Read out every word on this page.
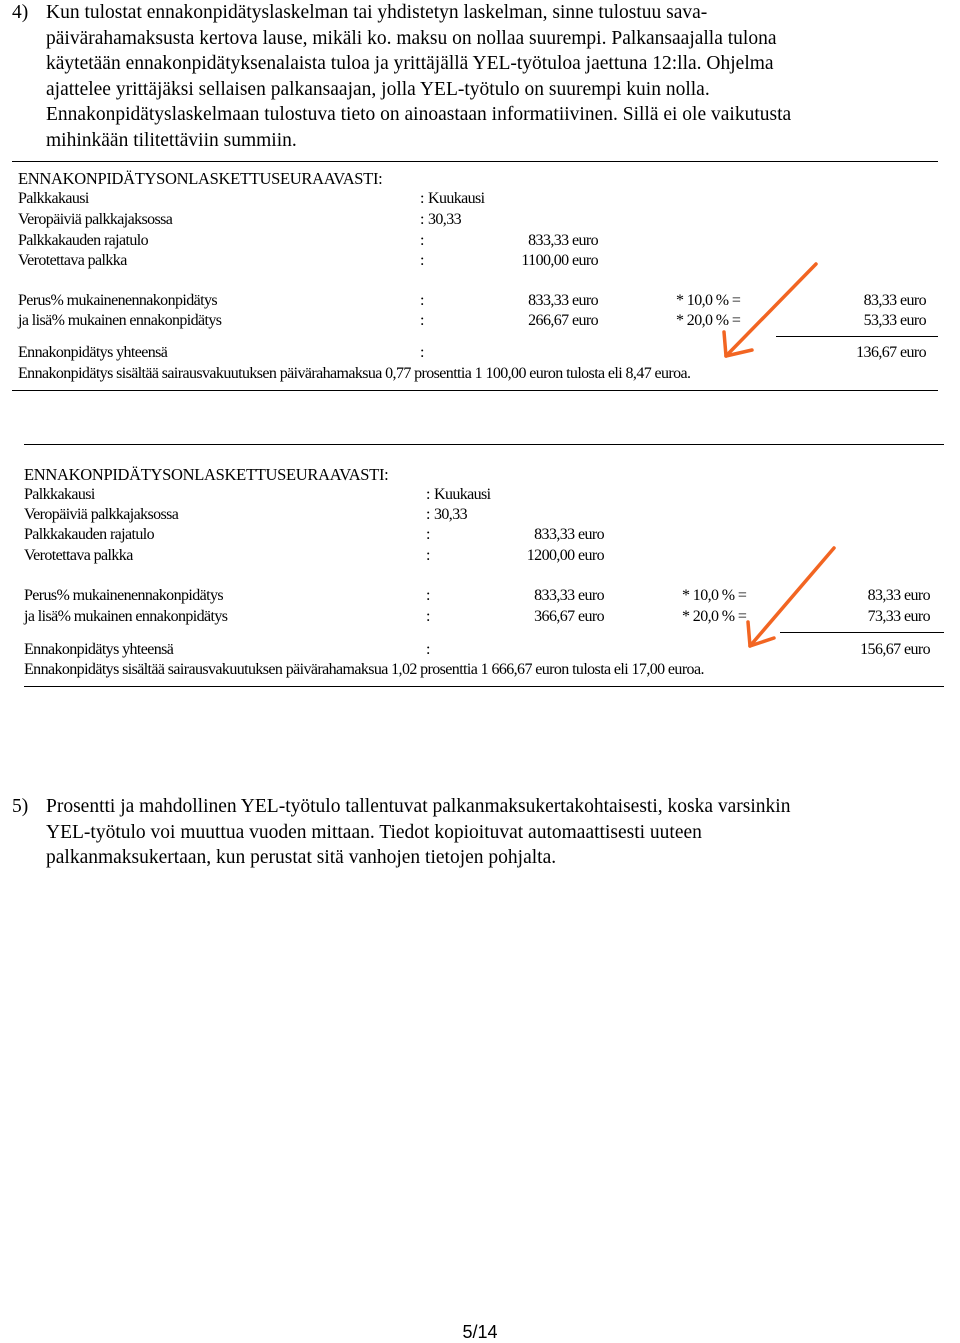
4) Kun tulostat ennakonpidätyslaskelman tai yhdistetyn laskelman, sinne tulostuu sava-
päivärahamaksusta kertova lause, mikäli ko. maksu on nollaa suurempi. Palkansaajalla tulona
käytetään ennakonpidätyksenalaista tuloa ja yrittäjällä YEL-työtuloa jaettuna 12:lla. Ohjelma
ajattelee yrittäjäksi sellaisen palkansaajan, jolla YEL-työtulo on suurempi kuin nolla.
Ennakonpidätyslaskelmaan tulostuva tieto on ainoastaan informatiivinen. Sillä ei ole vaikutusta
mihinkään tilitettäviin summiin.
ENNAKONPIDÄTYSONLASKETTUSEURAAVASTI:
Palkkakausi	: Kuukausi
Veropäiviä palkkajaksossa	: 30,33
Palkkakauden rajatulo	:	833,33 euro
Verotettava palkka	:	1100,00 euro
Perus% mukainenennakonpidätys	:	833,33 euro	* 10,0 % =	83,33 euro
ja lisä% mukainen ennakonpidätys	:	266,67 euro	* 20,0 % =	53,33 euro
Ennakonpidätys yhteensä	:	136,67 euro
Ennakonpidätys sisältää sairausvakuutuksen päivärahamaksua 0,77 prosenttia 1 100,00 euron tulosta eli 8,47 euroa.
ENNAKONPIDÄTYSONLASKETTUSEURAAVASTI:
Palkkakausi	: Kuukausi
Veropäiviä palkkajaksossa	: 30,33
Palkkakauden rajatulo	:	833,33 euro
Verotettava palkka	:	1200,00 euro
Perus% mukainenennakonpidätys	:	833,33 euro	* 10,0 % =	83,33 euro
ja lisä% mukainen ennakonpidätys	:	366,67 euro	* 20,0 % =	73,33 euro
Ennakonpidätys yhteensä	:	156,67 euro
Ennakonpidätys sisältää sairausvakuutuksen päivärahamaksua 1,02 prosenttia 1 666,67 euron tulosta eli 17,00 euroa.
5) Prosentti ja mahdollinen YEL-työtulo tallentuvat palkanmaksukertakohtaisesti, koska varsinkin
YEL-työtulo voi muuttua vuoden mittaan. Tiedot kopioituvat automaattisesti uuteen
palkanmaksukertaan, kun perustat sitä vanhojen tietojen pohjalta.
5/14
